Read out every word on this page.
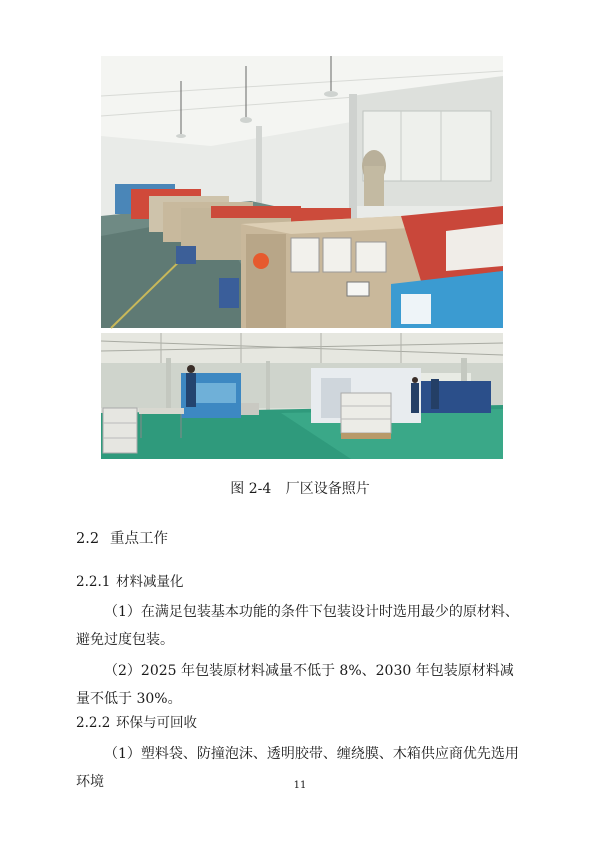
图 2-4 厂区设备照片
2.2 重点工作
2.2.1 材料减量化
（1）在满足包装基本功能的条件下包装设计时选用最少的原材料、避免过度包装。
（2）2025 年包装原材料减量不低于 8%、2030 年包装原材料减量不低于 30%。
2.2.2 环保与可回收
（1）塑料袋、防撞泡沫、透明胶带、缠绕膜、木箱供应商优先选用环境	11
